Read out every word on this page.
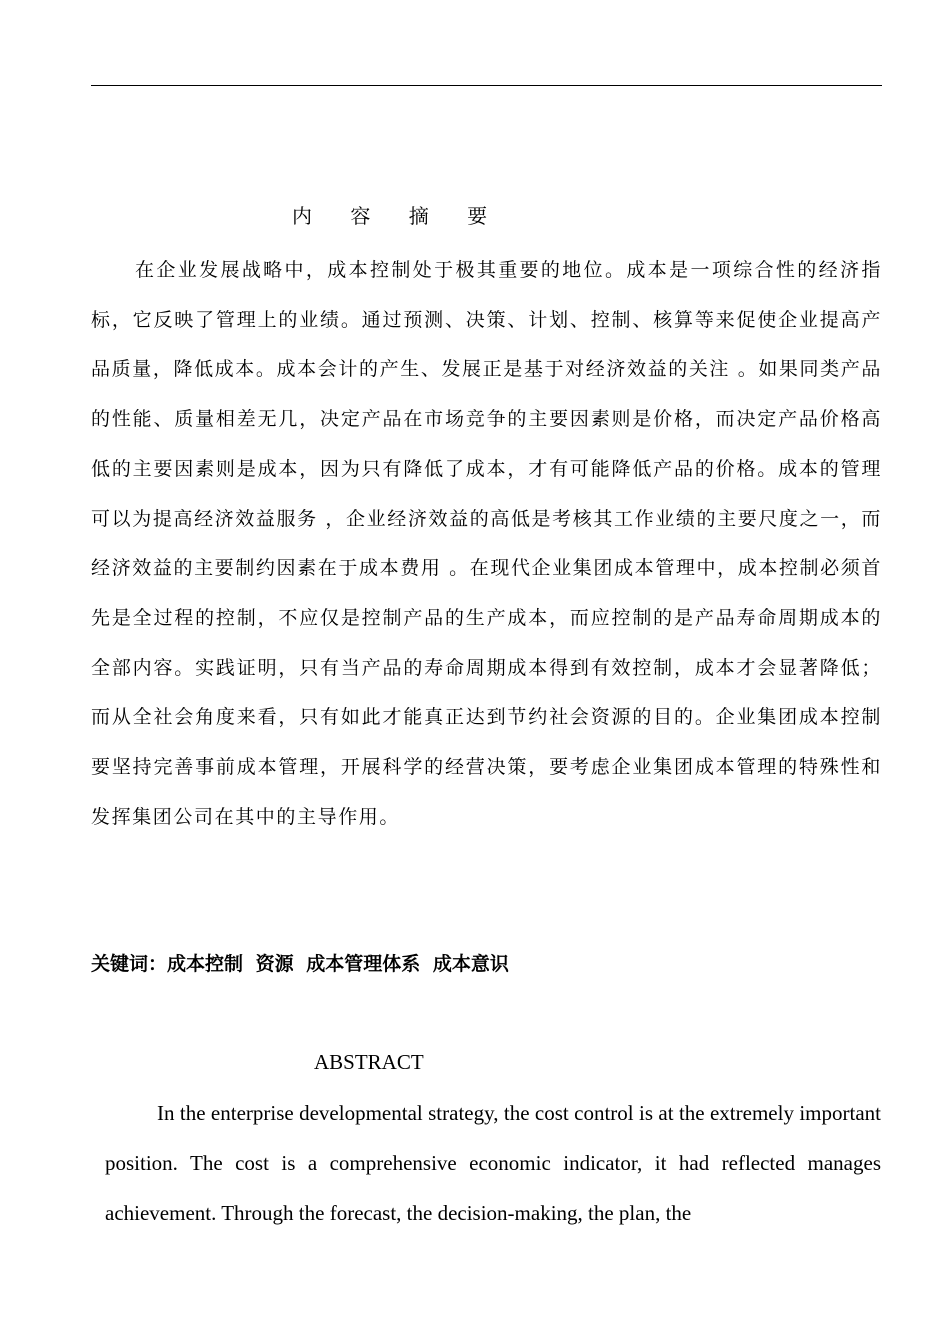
内 容 摘 要

在企业发展战略中，成本控制处于极其重要的地位。成本是一项综合性的经济指标，它反映了管理上的业绩。通过预测、决策、计划、控制、核算等来促使企业提高产品质量，降低成本。成本会计的产生、发展正是基于对经济效益的关注 。如果同类产品的性能、质量相差无几，决定产品在市场竞争的主要因素则是价格，而决定产品价格高低的主要因素则是成本，因为只有降低了成本，才有可能降低产品的价格。成本的管理可以为提高经济效益服务 ，企业经济效益的高低是考核其工作业绩的主要尺度之一，而经济效益的主要制约因素在于成本费用 。在现代企业集团成本管理中，成本控制必须首先是全过程的控制，不应仅是控制产品的生产成本，而应控制的是产品寿命周期成本的全部内容。实践证明，只有当产品的寿命周期成本得到有效控制，成本才会显著降低；而从全社会角度来看，只有如此才能真正达到节约社会资源的目的。企业集团成本控制要坚持完善事前成本管理，开展科学的经营决策，要考虑企业集团成本管理的特殊性和发挥集团公司在其中的主导作用。

关键词：成本控制 资源 成本管理体系 成本意识
ABSTRACT

In the enterprise developmental strategy, the cost control is at the extremely important position. The cost is a comprehensive economic indicator, it had reflected manages achievement. Through the forecast, the decision-making, the plan, the
